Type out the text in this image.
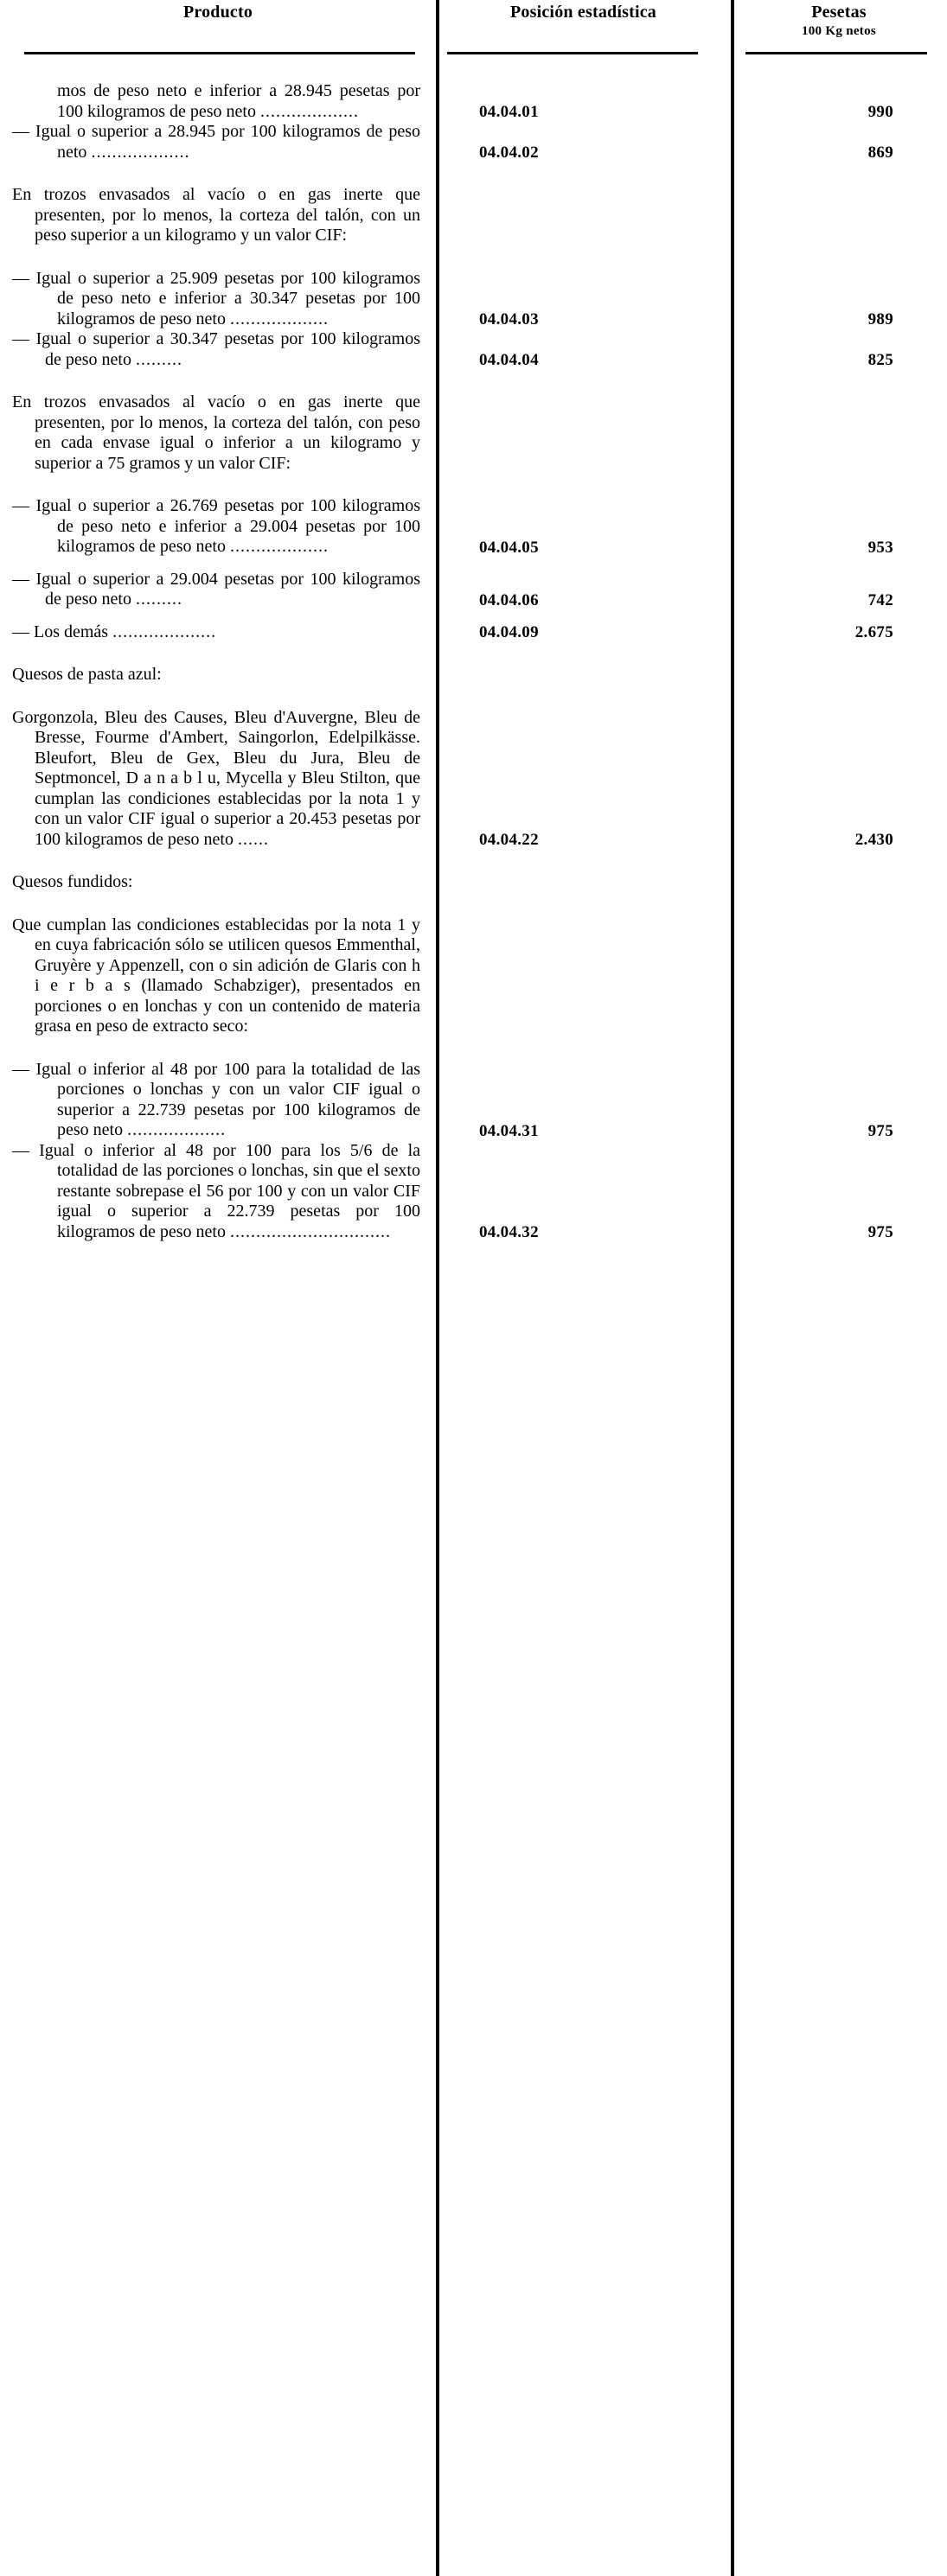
Producto	Posición estadística	Pesetas
100 Kg netos

mos de peso neto e inferior a 28.945 pesetas por 100 kilogramos de peso neto ...................	04.04.01	990

— Igual o superior a 28.945 por 100 kilogramos de peso neto ...................	04.04.02	869

En trozos envasados al vacío o en gas inerte que presenten, por lo menos, la corteza del talón, con un peso superior a un kilogramo y un valor CIF:

— Igual o superior a 25.909 pesetas por 100 kilogramos de peso neto e inferior a 30.347 pesetas por 100 kilogramos de peso neto ...................	04.04.03	989

— Igual o superior a 30.347 pesetas por 100 kilogramos de peso neto .........	04.04.04	825

En trozos envasados al vacío o en gas inerte que presenten, por lo menos, la corteza del talón, con peso en cada envase igual o inferior a un kilogramo y superior a 75 gramos y un valor CIF:

— Igual o superior a 26.769 pesetas por 100 kilogramos de peso neto e inferior a 29.004 pesetas por 100 kilogramos de peso neto ...................	04.04.05	953

— Igual o superior a 29.004 pesetas por 100 kilogramos de peso neto .........	04.04.06	742

— Los demás ....................	04.04.09	2.675

Quesos de pasta azul:

Gorgonzola, Bleu des Causes, Bleu d'Auvergne, Bleu de Bresse, Fourme d'Ambert, Saingorlon, Edelpilkässe. Bleufort, Bleu de Gex, Bleu du Jura, Bleu de Septmoncel, D a n a b l u, Mycella y Bleu Stilton, que cumplan las condiciones establecidas por la nota 1 y con un valor CIF igual o superior a 20.453 pesetas por 100 kilogramos de peso neto ......	04.04.22	2.430

Quesos fundidos:

Que cumplan las condiciones establecidas por la nota 1 y en cuya fabricación sólo se utilicen quesos Emmenthal, Gruyère y Appenzell, con o sin adición de Glaris con h i e r b a s (llamado Schabziger), presentados en porciones o en lonchas y con un contenido de materia grasa en peso de extracto seco:

— Igual o inferior al 48 por 100 para la totalidad de las porciones o lonchas y con un valor CIF igual o superior a 22.739 pesetas por 100 kilogramos de peso neto ...................	04.04.31	975

— Igual o inferior al 48 por 100 para los 5/6 de la totalidad de las porciones o lonchas, sin que el sexto restante sobrepase el 56 por 100 y con un valor CIF igual o superior a 22.739 pesetas por 100 kilogramos de peso neto ...............................	04.04.32	975
